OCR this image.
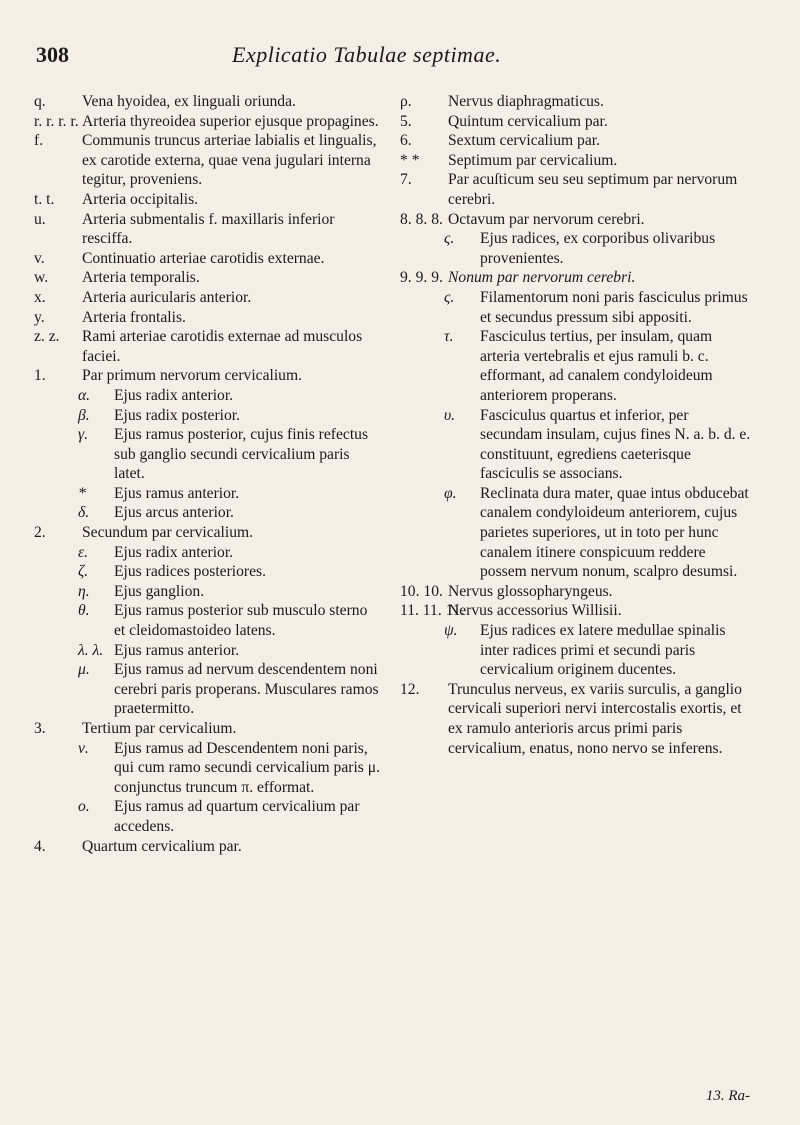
308	Explicatio Tabulae septimae.

q. Vena hyoidea, ex linguali oriunda.

r. r. r. r. Arteria thyreoidea superior ejusque propagines.

f. Communis truncus arteriae labialis et lingualis, ex carotide externa, quae vena jugulari interna tegitur, proveniens.

t. t. Arteria occipitalis.

u. Arteria submentalis f. maxillaris inferior resciffa.

v. Continuatio arteriae carotidis externae.

w. Arteria temporalis.

x. Arteria auricularis anterior.

y. Arteria frontalis.

z. z. Rami arteriae carotidis externae ad musculos faciei.

1. Par primum nervorum cervicalium.

α. Ejus radix anterior.

β. Ejus radix posterior.

γ. Ejus ramus posterior, cujus finis refectus sub ganglio secundi cervicalium paris latet.

* Ejus ramus anterior.

δ. Ejus arcus anterior.

2. Secundum par cervicalium.

ε. Ejus radix anterior.

ζ. Ejus radices posteriores.

η. Ejus ganglion.

θ. Ejus ramus posterior sub musculo sterno et cleidomastoideo latens.

λ. λ. Ejus ramus anterior.

μ. Ejus ramus ad nervum descendentem noni cerebri paris properans. Musculares ramos praetermitto.

3. Tertium par cervicalium.

ν. Ejus ramus ad Descendentem noni paris, qui cum ramo secundi cervicalium paris μ. conjunctus truncum π. efformat.

ο. Ejus ramus ad quartum cervicalium par accedens.

4. Quartum cervicalium par.

ρ. Nervus diaphragmaticus.

5. Quintum cervicalium par.

6. Sextum cervicalium par.

* * Septimum par cervicalium.

7. Par acuſticum seu seu septimum par nervorum cerebri.

8. 8. 8. Octavum par nervorum cerebri.

ς. Ejus radices, ex corporibus olivaribus provenientes.

9. 9. 9. Nonum par nervorum cerebri.

ς. Filamentorum noni paris fasciculus primus et secundus pressum sibi appositi.

τ. Fasciculus tertius, per insulam, quam arteria vertebralis et ejus ramuli b. c. efformant, ad canalem condyloideum anteriorem properans.

υ. Fasciculus quartus et inferior, per secundam insulam, cujus fines N. a. b. d. e. constituunt, egrediens caeterisque fasciculis se associans.

φ. Reclinata dura mater, quae intus obducebat canalem condyloideum anteriorem, cujus parietes superiores, ut in toto per hunc canalem itinere conspicuum reddere possem nervum nonum, scalpro desumsi.

10. 10. Nervus glossopharyngeus.

11. 11. 11.
Nervus accessorius Willisii.

ψ. Ejus radices ex latere medullae spinalis inter radices primi et secundi paris cervicalium originem ducentes.

12. Trunculus nerveus, ex variis surculis, a ganglio cervicali superiori nervi intercostalis exortis, et ex ramulo anterioris arcus primi paris cervicalium, enatus, nono nervo se inferens.

13. Ra-
